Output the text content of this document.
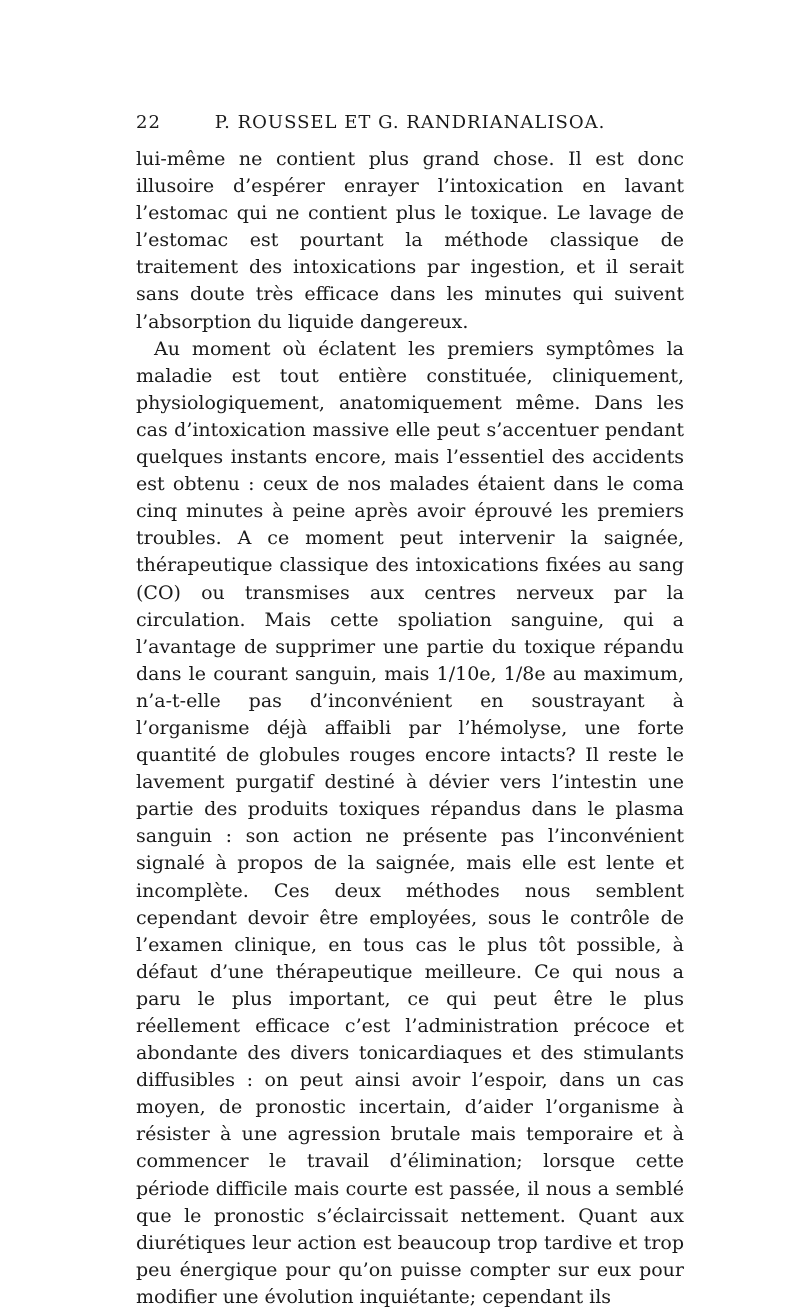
22	P. ROUSSEL ET G. RANDRIANALISOA.

lui-même ne contient plus grand chose. Il est donc illusoire d’espérer enrayer l’intoxication en lavant l’estomac qui ne contient plus le toxique. Le lavage de l’estomac est pourtant la méthode classique de traitement des intoxications par ingestion, et il serait sans doute très efficace dans les minutes qui suivent l’absorption du liquide dangereux.

Au moment où éclatent les premiers symptômes la maladie est tout entière constituée, cliniquement, physiologiquement, anatomiquement même. Dans les cas d’intoxication massive elle peut s’accentuer pendant quelques instants encore, mais l’essentiel des accidents est obtenu : ceux de nos malades étaient dans le coma cinq minutes à peine après avoir éprouvé les premiers troubles. A ce moment peut intervenir la saignée, thérapeutique classique des intoxications fixées au sang (CO) ou transmises aux centres nerveux par la circulation. Mais cette spoliation sanguine, qui a l’avantage de supprimer une partie du toxique répandu dans le courant sanguin, mais 1/10e, 1/8e au maximum, n’a-t-elle pas d’inconvénient en soustrayant à l’organisme déjà affaibli par l’hémolyse, une forte quantité de globules rouges encore intacts? Il reste le lavement purgatif destiné à dévier vers l’intestin une partie des produits toxiques répandus dans le plasma sanguin : son action ne présente pas l’inconvénient signalé à propos de la saignée, mais elle est lente et incomplète. Ces deux méthodes nous semblent cependant devoir être employées, sous le contrôle de l’examen clinique, en tous cas le plus tôt possible, à défaut d’une thérapeutique meilleure. Ce qui nous a paru le plus important, ce qui peut être le plus réellement efficace c’est l’administration précoce et abondante des divers tonicardiaques et des stimulants diffusibles : on peut ainsi avoir l’espoir, dans un cas moyen, de pronostic incertain, d’aider l’organisme à résister à une agression brutale mais temporaire et à commencer le travail d’élimination; lorsque cette période difficile mais courte est passée, il nous a semblé que le pronostic s’éclaircissait nettement. Quant aux diurétiques leur action est beaucoup trop tardive et trop peu énergique pour qu’on puisse compter sur eux pour modifier une évolution inquiétante; cependant ils
